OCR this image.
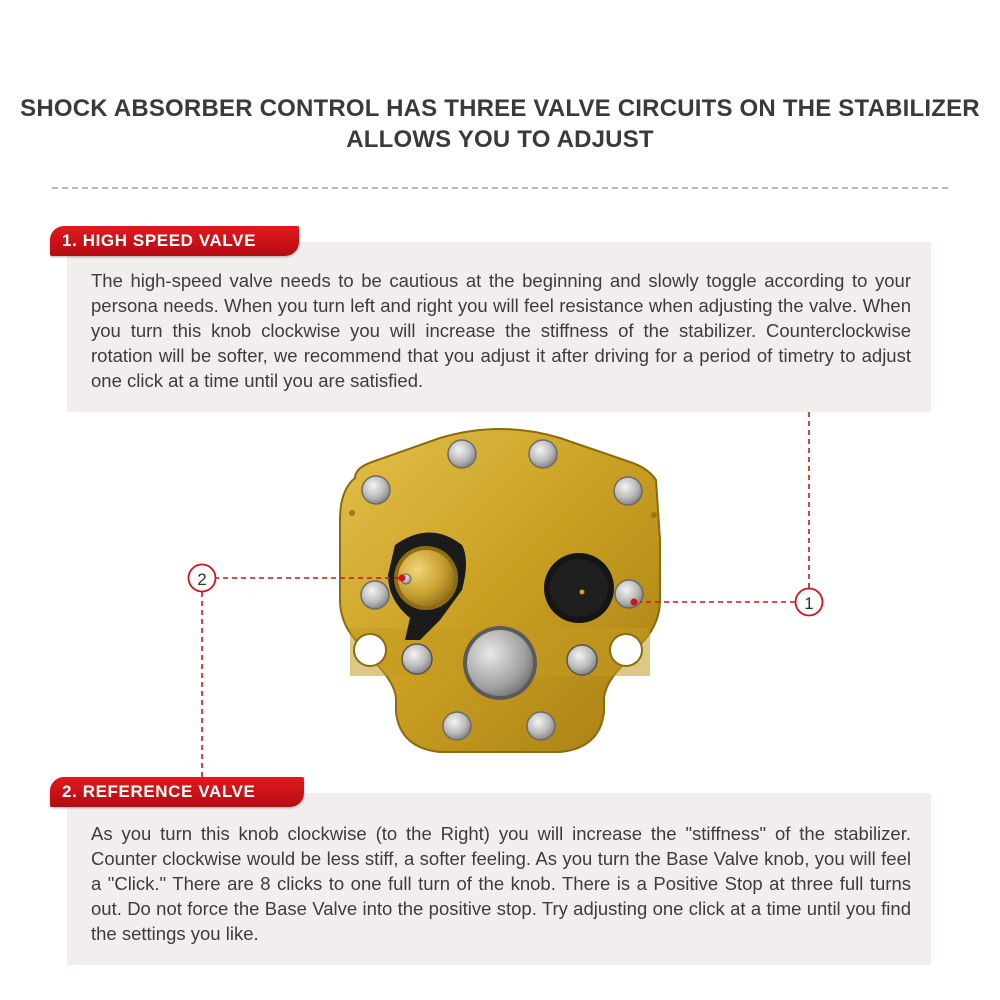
SHOCK ABSORBER CONTROL HAS THREE VALVE CIRCUITS ON THE STABILIZER
ALLOWS YOU TO ADJUST
The high-speed valve needs to be cautious at the beginning and slowly toggle according to your persona needs. When you turn left and right you will feel resistance when adjusting the valve. When you turn this knob clockwise you will increase the stiffness of the stabilizer. Counterclockwise rotation will be softer, we recommend that you adjust it after driving for a period of timetry to adjust one click at a time until you are satisfied.
1. HIGH SPEED VALVE
As you turn this knob clockwise (to the Right) you will increase the "stiffness" of the stabilizer. Counter clockwise would be less stiff, a softer feeling. As you turn the Base Valve knob, you will feel a "Click." There are 8 clicks to one full turn of the knob. There is a Positive Stop at three full turns out. Do not force the Base Valve into the positive stop. Try adjusting one click at a time until you find the settings you like.
2. REFERENCE VALVE
1
2
